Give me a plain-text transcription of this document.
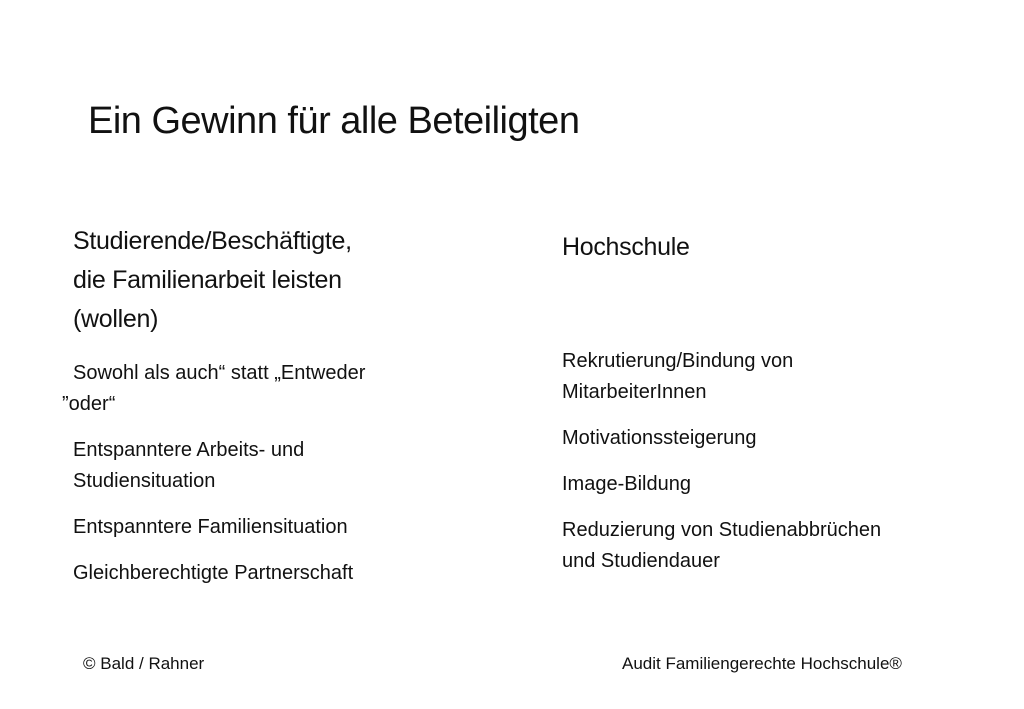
Ein Gewinn für alle Beteiligten
Studierende/Beschäftigte,
die Familienarbeit leisten
(wollen)
Hochschule
Sowohl als auch“ statt „Entweder
”oder“
Entspanntere Arbeits- und
Studiensituation
Entspanntere Familiensituation
Gleichberechtigte Partnerschaft
Rekrutierung/Bindung von
MitarbeiterInnen
Motivationssteigerung
Image-Bildung
Reduzierung von Studienabbrüchen
und Studiendauer
© Bald / Rahner	Audit Familiengerechte Hochschule®
